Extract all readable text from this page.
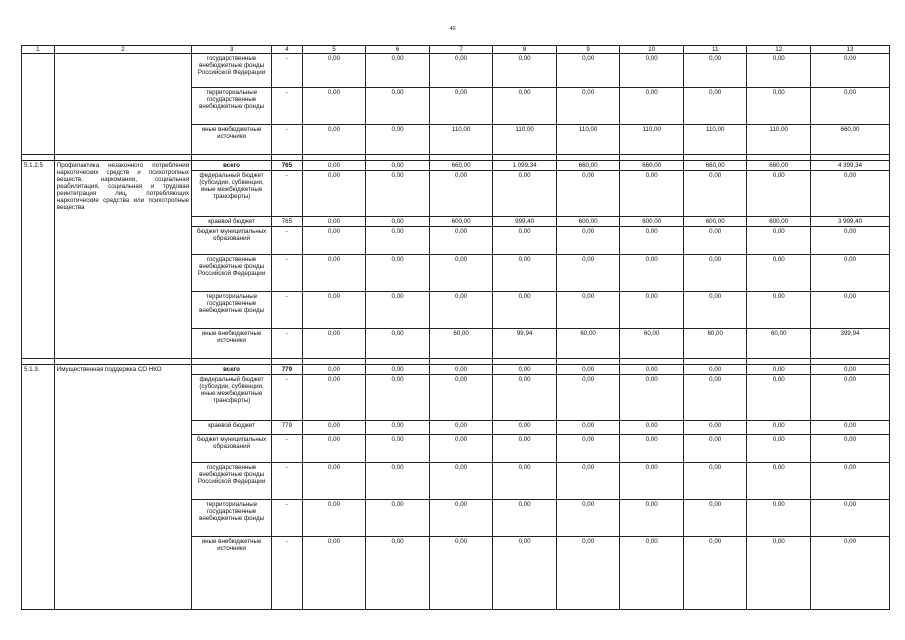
40
1	2	3	4	5	6	7	8	9	10	11	12	13
		государственные внебюджетные фонды Российской Федерации	-	0,00	0,00	0,00	0,00	0,00	0,00	0,00	0,00	0,00
		территориальные государственные внебюджетные фонды	-	0,00	0,00	0,00	0,00	0,00	0,00	0,00	0,00	0,00
		иные внебюджетные источники	-	0,00	0,00	110,00	110,00	110,00	110,00	110,00	110,00	660,00

5.1.2.5	Профилактика незаконного потребления наркотических средств и психотропных веществ, наркомании, социальная реабилитация, социальная и трудовая реинтеграция лиц, потребляющих наркотические средства или психотропные вещества	всего	765	0,00	0,00	660,00	1 099,34	660,00	660,00	660,00	660,00	4 399,34
		федеральный бюджет (субсидии, субвенции, иные межбюджетные трансферты)	-	0,00	0,00	0,00	0,00	0,00	0,00	0,00	0,00	0,00
		краевой бюджет	765	0,00	0,00	600,00	999,40	600,00	600,00	600,00	600,00	3 999,40
		бюджет муниципальных образований	-	0,00	0,00	0,00	0,00	0,00	0,00	0,00	0,00	0,00
		государственные внебюджетные фонды Российской Федерации	-	0,00	0,00	0,00	0,00	0,00	0,00	0,00	0,00	0,00
		территориальные государственные внебюджетные фонды	-	0,00	0,00	0,00	0,00	0,00	0,00	0,00	0,00	0,00
		иные внебюджетные источники	-	0,00	0,00	60,00	99,94	60,00	60,00	60,00	60,00	399,94

5.1.3.	Имущественная поддержка СО НКО	всего	779	0,00	0,00	0,00	0,00	0,00	0,00	0,00	0,00	0,00
		федеральный бюджет (субсидии, субвенции, иные межбюджетные трансферты)	-	0,00	0,00	0,00	0,00	0,00	0,00	0,00	0,00	0,00
		краевой бюджет	779	0,00	0,00	0,00	0,00	0,00	0,00	0,00	0,00	0,00
		бюджет муниципальных образований	-	0,00	0,00	0,00	0,00	0,00	0,00	0,00	0,00	0,00
		государственные внебюджетные фонды Российской Федерации	-	0,00	0,00	0,00	0,00	0,00	0,00	0,00	0,00	0,00
		территориальные государственные внебюджетные фонды	-	0,00	0,00	0,00	0,00	0,00	0,00	0,00	0,00	0,00
		иные внебюджетные источники	-	0,00	0,00	0,00	0,00	0,00	0,00	0,00	0,00	0,00
